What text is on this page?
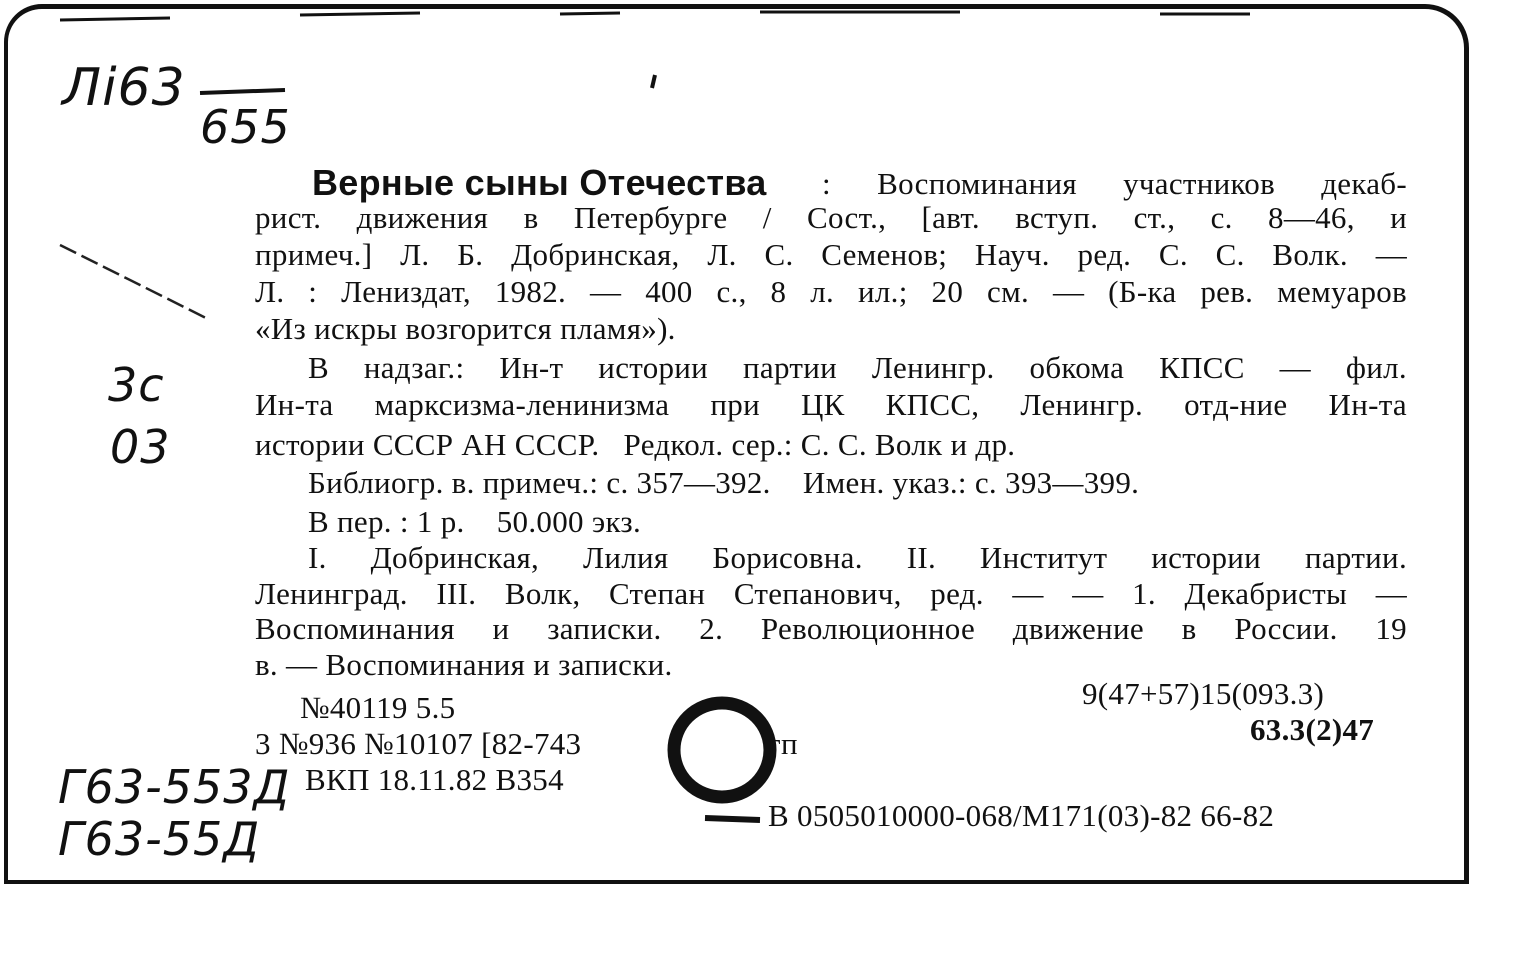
Лi63
655
3c
03
Г63-553Д
Г63-55Д
Верные сыны Отечества : Воспоминания участников декаб-
рист. движения в Петербурге / Сост., [авт. вступ. ст., с. 8—46, и
примеч.] Л. Б. Добринская, Л. С. Семенов; Науч. ред. С. С. Волк. —
Л. : Лениздат, 1982. — 400 с., 8 л. ил.; 20 см. — (Б-ка рев. мемуаров
«Из искры возгорится пламя»).
В надзаг.: Ин-т истории партии Ленингр. обкома КПСС — фил.
Ин-та марксизма-ленинизма при ЦК КПСС, Ленингр. отд-ние Ин-та
истории СССР АН СССР.   Редкол. сер.: С. С. Волк и др.
Библиогр. в. примеч.: с. 357—392.    Имен. указ.: с. 393—399.
В пер. : 1 р.    50.000 экз.
I. Добринская, Лилия Борисовна. II. Институт истории партии.
Ленинград. III. Волк, Степан Степанович, ред. — — 1. Декабристы —
Воспоминания и записки. 2. Революционное движение в России. 19
в. — Воспоминания и записки.
№40119 5.5
3 №936 №10107 [82-743	гп
ВКП 18.11.82 В354
9(47+57)15(093.3)
63.3(2)47
В 0505010000-068/М171(03)-82 66-82
